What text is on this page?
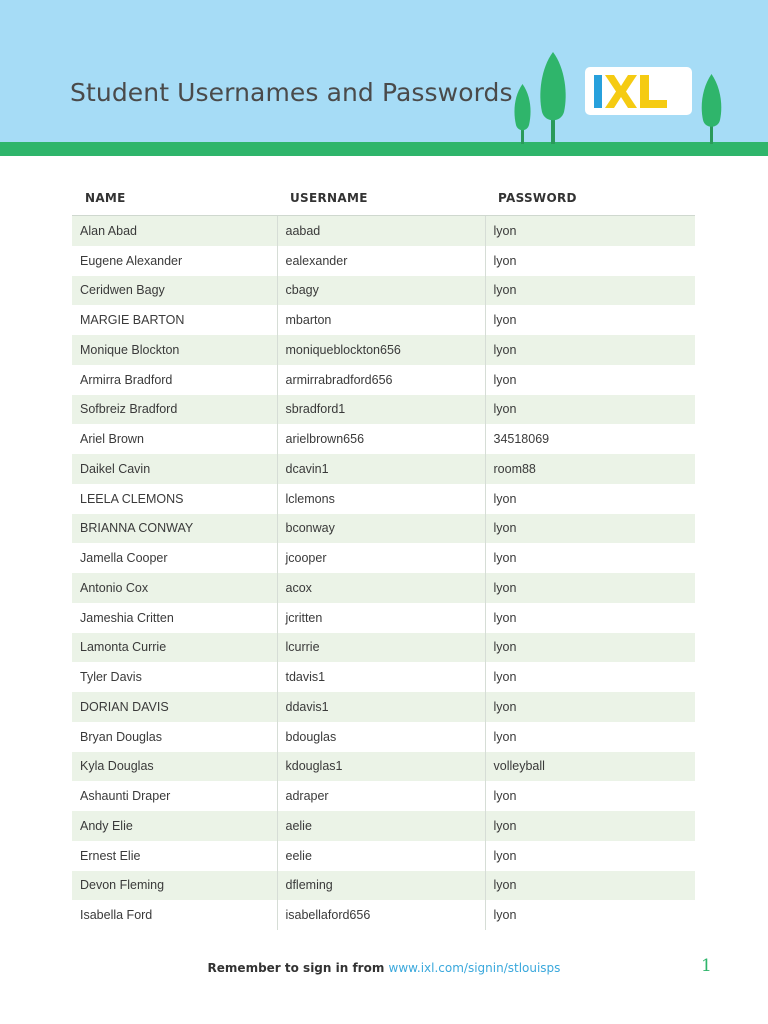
Student Usernames and Passwords
NAME	USERNAME	PASSWORD
Alan Abad	aabad	lyon
Eugene Alexander	ealexander	lyon
Ceridwen Bagy	cbagy	lyon
MARGIE BARTON	mbarton	lyon
Monique Blockton	moniqueblockton656	lyon
Armirra Bradford	armirrabradford656	lyon
Sofbreiz Bradford	sbradford1	lyon
Ariel Brown	arielbrown656	34518069
Daikel Cavin	dcavin1	room88
LEELA CLEMONS	lclemons	lyon
BRIANNA CONWAY	bconway	lyon
Jamella Cooper	jcooper	lyon
Antonio Cox	acox	lyon
Jameshia Critten	jcritten	lyon
Lamonta Currie	lcurrie	lyon
Tyler Davis	tdavis1	lyon
DORIAN DAVIS	ddavis1	lyon
Bryan Douglas	bdouglas	lyon
Kyla Douglas	kdouglas1	volleyball
Ashaunti Draper	adraper	lyon
Andy Elie	aelie	lyon
Ernest Elie	eelie	lyon
Devon Fleming	dfleming	lyon
Isabella Ford	isabellaford656	lyon
Remember to sign in from www.ixl.com/signin/stlouisps	1
